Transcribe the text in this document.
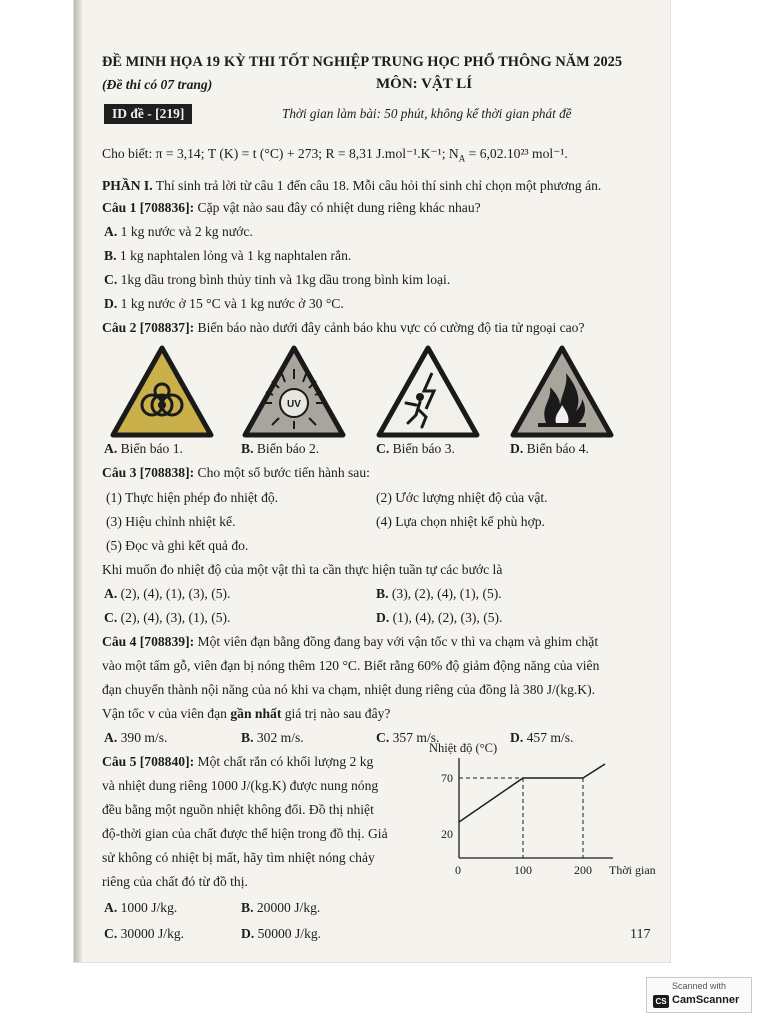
ĐỀ MINH HỌA 19 KỲ THI TỐT NGHIỆP TRUNG HỌC PHỔ THÔNG NĂM 2025
(Đề thi có 07 trang)	MÔN: VẬT LÍ
ID đề - [219]	Thời gian làm bài: 50 phút, không kể thời gian phát đề
Cho biết: π = 3,14; T (K) = t (°C) + 273; R = 8,31 J.mol⁻¹.K⁻¹; $N_A = 6,02.10^{23}$ mol⁻¹.
PHẦN I. Thí sinh trả lời từ câu 1 đến câu 18. Mỗi câu hỏi thí sinh chỉ chọn một phương án.
Câu 1 [708836]: Cặp vật nào sau đây có nhiệt dung riêng khác nhau?
A. 1 kg nước và 2 kg nước.
B. 1 kg naphtalen lỏng và 1 kg naphtalen rắn.
C. 1kg dầu trong bình thủy tinh và 1kg dầu trong bình kim loại.
D. 1 kg nước ở 15 °C và 1 kg nước ở 30 °C.
Câu 2 [708837]: Biển báo nào dưới đây cảnh báo khu vực có cường độ tia tử ngoại cao?
UV
A. Biển báo 1.	B. Biển báo 2.	C. Biển báo 3.	D. Biển báo 4.
Câu 3 [708838]: Cho một số bước tiến hành sau:
(1) Thực hiện phép đo nhiệt độ.	(2) Ước lượng nhiệt độ của vật.
(3) Hiệu chỉnh nhiệt kế.	(4) Lựa chọn nhiệt kế phù hợp.
(5) Đọc và ghi kết quả đo.
Khi muốn đo nhiệt độ của một vật thì ta cần thực hiện tuần tự các bước là
A. (2), (4), (1), (3), (5).	B. (3), (2), (4), (1), (5).
C. (2), (4), (3), (1), (5).	D. (1), (4), (2), (3), (5).
Câu 4 [708839]: Một viên đạn bằng đồng đang bay với vận tốc v thì va chạm và ghim chặt
vào một tấm gỗ, viên đạn bị nóng thêm 120 °C. Biết rằng 60% độ giảm động năng của viên
đạn chuyển thành nội năng của nó khi va chạm, nhiệt dung riêng của đồng là 380 J/(kg.K).
Vận tốc v của viên đạn gần nhất giá trị nào sau đây?
A. 390 m/s.	B. 302 m/s.	C. 357 m/s.	D. 457 m/s.
Câu 5 [708840]: Một chất rắn có khối lượng 2 kg
và nhiệt dung riêng 1000 J/(kg.K) được nung nóng
đều bằng một nguồn nhiệt không đổi. Đồ thị nhiệt
độ-thời gian của chất được thể hiện trong đồ thị. Giả
sử không có nhiệt bị mất, hãy tìm nhiệt nóng chảy
riêng của chất đó từ đồ thị.
A. 1000 J/kg.	B. 20000 J/kg.
C. 30000 J/kg.	D. 50000 J/kg.
Nhiệt độ (°C)
70
20
0	100	200 Thời gian
117
Scanned with
CS CamScanner
